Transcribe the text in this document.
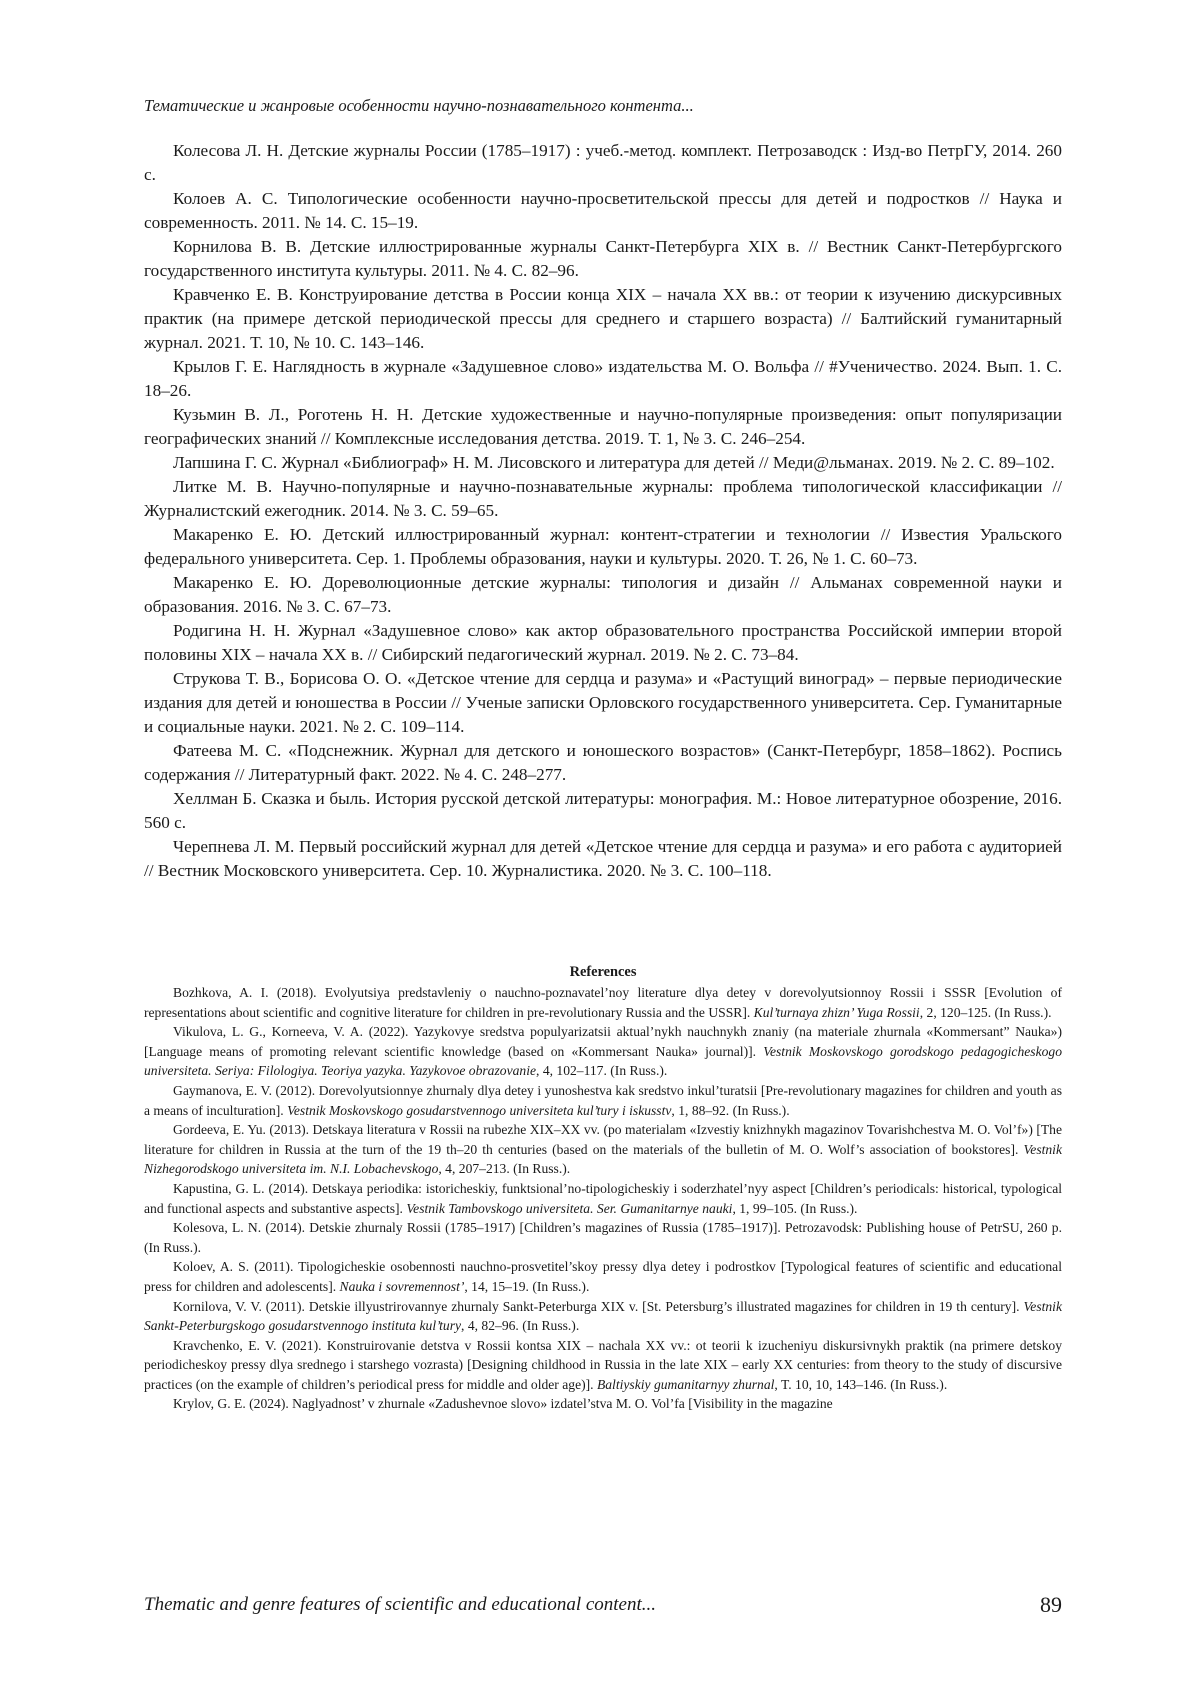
Тематические и жанровые особенности научно-познавательного контента...

Колесова Л. Н. Детские журналы России (1785–1917) : учеб.-метод. комплект. Петрозаводск : Изд-во ПетрГУ, 2014. 260 с.

Колоев А. С. Типологические особенности научно-просветительской прессы для детей и подростков // Наука и современность. 2011. № 14. С. 15–19.

Корнилова В. В. Детские иллюстрированные журналы Санкт-Петербурга XIX в. // Вестник Санкт-Петербургского государственного института культуры. 2011. № 4. С. 82–96.

Кравченко Е. В. Конструирование детства в России конца XIX – начала XX вв.: от теории к изучению дискурсивных практик (на примере детской периодической прессы для среднего и старшего возраста) // Балтийский гуманитарный журнал. 2021. Т. 10, № 10. С. 143–146.

Крылов Г. Е. Наглядность в журнале «Задушевное слово» издательства М. О. Вольфа // #Ученичество. 2024. Вып. 1. С. 18–26.

Кузьмин В. Л., Роготень Н. Н. Детские художественные и научно-популярные произведения: опыт популяризации географических знаний // Комплексные исследования детства. 2019. Т. 1, № 3. С. 246–254.

Лапшина Г. С. Журнал «Библиограф» Н. М. Лисовского и литература для детей // Меди@льманах. 2019. № 2. С. 89–102.

Литке М. В. Научно-популярные и научно-познавательные журналы: проблема типологической классификации // Журналистский ежегодник. 2014. № 3. С. 59–65.

Макаренко Е. Ю. Детский иллюстрированный журнал: контент-стратегии и технологии // Известия Уральского федерального университета. Сер. 1. Проблемы образования, науки и культуры. 2020. Т. 26, № 1. С. 60–73.

Макаренко Е. Ю. Дореволюционные детские журналы: типология и дизайн // Альманах современной науки и образования. 2016. № 3. С. 67–73.

Родигина Н. Н. Журнал «Задушевное слово» как актор образовательного пространства Российской империи второй половины XIX – начала XX в. // Сибирский педагогический журнал. 2019. № 2. С. 73–84.

Струкова Т. В., Борисова О. О. «Детское чтение для сердца и разума» и «Растущий виноград» – первые периодические издания для детей и юношества в России // Ученые записки Орловского государственного университета. Сер. Гуманитарные и социальные науки. 2021. № 2. С. 109–114.

Фатеева М. С. «Подснежник. Журнал для детского и юношеского возрастов» (Санкт-Петербург, 1858–1862). Роспись содержания // Литературный факт. 2022. № 4. С. 248–277.

Хеллман Б. Сказка и быль. История русской детской литературы: монография. М.: Новое литературное обозрение, 2016. 560 с.

Черепнева Л. М. Первый российский журнал для детей «Детское чтение для сердца и разума» и его работа с аудиторией // Вестник Московского университета. Сер. 10. Журналистика. 2020. № 3. С. 100–118.

References

Bozhkova, A. I. (2018). Evolyutsiya predstavleniy o nauchno-poznavatel’noy literature dlya detey v dorevolyutsionnoy Rossii i SSSR [Evolution of representations about scientific and cognitive literature for children in pre-revolutionary Russia and the USSR]. Kul’turnaya zhizn’ Yuga Rossii, 2, 120–125. (In Russ.).

Vikulova, L. G., Korneeva, V. A. (2022). Yazykovye sredstva populyarizatsii aktual’nykh nauchnykh znaniy (na materiale zhurnala «Kommersant” Nauka») [Language means of promoting relevant scientific knowledge (based on «Kommersant Nauka» journal)]. Vestnik Moskovskogo gorodskogo pedagogicheskogo universiteta. Seriya: Filologiya. Teoriya yazyka. Yazykovoe obrazovanie, 4, 102–117. (In Russ.).

Gaymanova, E. V. (2012). Dorevolyutsionnye zhurnaly dlya detey i yunoshestva kak sredstvo inkul’turatsii [Pre-revolutionary magazines for children and youth as a means of inculturation]. Vestnik Moskovskogo gosudarstvennogo universiteta kul’tury i iskusstv, 1, 88–92. (In Russ.).

Gordeeva, E. Yu. (2013). Detskaya literatura v Rossii na rubezhe XIX–XX vv. (po materialam «Izvestiy knizhnykh magazinov Tovarishchestva M. O. Vol’f») [The literature for children in Russia at the turn of the 19 th–20 th centuries (based on the materials of the bulletin of M. O. Wolf’s association of bookstores]. Vestnik Nizhegorodskogo universiteta im. N.I. Lobachevskogo, 4, 207–213. (In Russ.).

Kapustina, G. L. (2014). Detskaya periodika: istoricheskiy, funktsional’no-tipologicheskiy i soderzhatel’nyy aspect [Children’s periodicals: historical, typological and functional aspects and substantive aspects]. Vestnik Tambovskogo universiteta. Ser. Gumanitarnye nauki, 1, 99–105. (In Russ.).

Kolesova, L. N. (2014). Detskie zhurnaly Rossii (1785–1917) [Children’s magazines of Russia (1785–1917)]. Petrozavodsk: Publishing house of PetrSU, 260 p. (In Russ.).

Koloev, A. S. (2011). Tipologicheskie osobennosti nauchno-prosvetitel’skoy pressy dlya detey i podrostkov [Typological features of scientific and educational press for children and adolescents]. Nauka i sovremennost’, 14, 15–19. (In Russ.).

Kornilova, V. V. (2011). Detskie illyustrirovannye zhurnaly Sankt-Peterburga XIX v. [St. Petersburg’s illustrated magazines for children in 19 th century]. Vestnik Sankt-Peterburgskogo gosudarstvennogo instituta kul’tury, 4, 82–96. (In Russ.).

Kravchenko, E. V. (2021). Konstruirovanie detstva v Rossii kontsa XIX – nachala XX vv.: ot teorii k izucheniyu diskursivnykh praktik (na primere detskoy periodicheskoy pressy dlya srednego i starshego vozrasta) [Designing childhood in Russia in the late XIX – early XX centuries: from theory to the study of discursive practices (on the example of children’s periodical press for middle and older age)]. Baltiyskiy gumanitarnyy zhurnal, T. 10, 10, 143–146. (In Russ.).

Krylov, G. E. (2024). Naglyadnost’ v zhurnale «Zadushevnoe slovo» izdatel’stva M. O. Vol’fa [Visibility in the magazine

Thematic and genre features of scientific and educational content...	89
